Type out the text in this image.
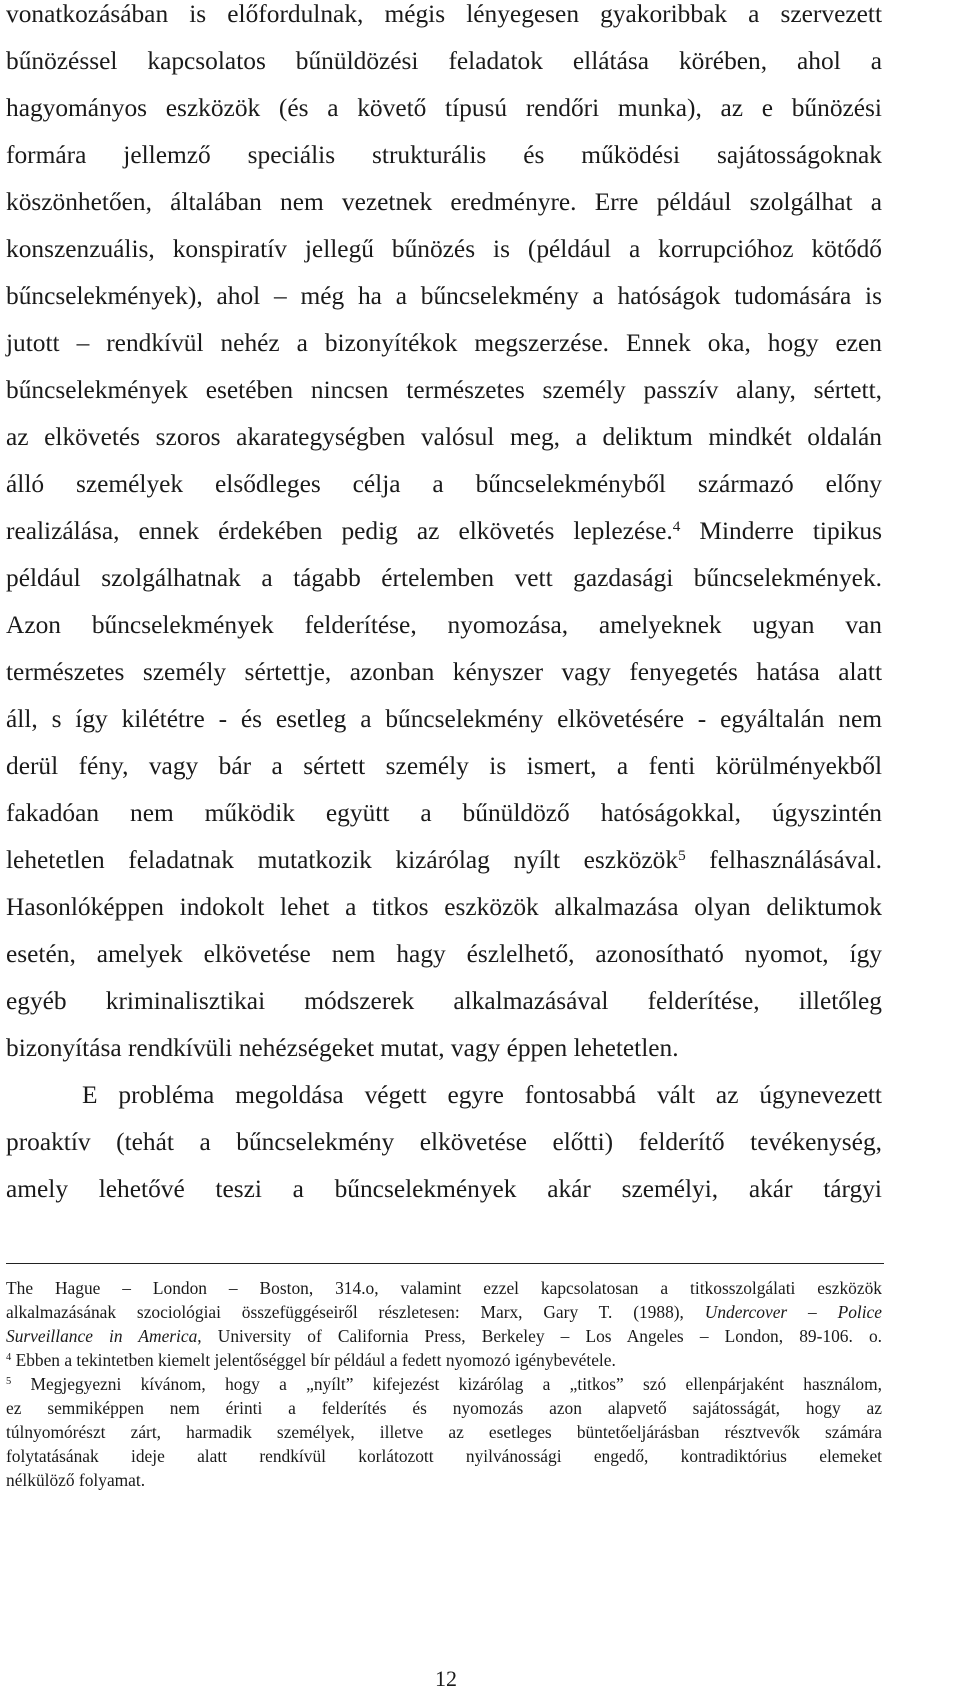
vonatkozásában is előfordulnak, mégis lényegesen gyakoribbak a szervezett
bűnözéssel kapcsolatos bűnüldözési feladatok ellátása körében, ahol a
hagyományos eszközök (és a követő típusú rendőri munka), az e bűnözési
formára jellemző speciális strukturális és működési sajátosságoknak
köszönhetően, általában nem vezetnek eredményre. Erre például szolgálhat a
konszenzuális, konspiratív jellegű bűnözés is (például a korrupcióhoz kötődő
bűncselekmények), ahol – még ha a bűncselekmény a hatóságok tudomására is
jutott – rendkívül nehéz a bizonyítékok megszerzése. Ennek oka, hogy ezen
bűncselekmények esetében nincsen természetes személy passzív alany, sértett,
az elkövetés szoros akarategységben valósul meg, a deliktum mindkét oldalán
álló személyek elsődleges célja a bűncselekményből származó előny
realizálása, ennek érdekében pedig az elkövetés leplezése.$^4$ Minderre tipikus
például szolgálhatnak a tágabb értelemben vett gazdasági bűncselekmények.
Azon bűncselekmények felderítése, nyomozása, amelyeknek ugyan van
természetes személy sértettje, azonban kényszer vagy fenyegetés hatása alatt
áll, s így kilététre - és esetleg a bűncselekmény elkövetésére - egyáltalán nem
derül fény, vagy bár a sértett személy is ismert, a fenti körülményekből
fakadóan nem működik együtt a bűnüldöző hatóságokkal, úgyszintén
lehetetlen feladatnak mutatkozik kizárólag nyílt eszközök$^5$ felhasználásával.
Hasonlóképpen indokolt lehet a titkos eszközök alkalmazása olyan deliktumok
esetén, amelyek elkövetése nem hagy észlelhető, azonosítható nyomot, így
egyéb kriminalisztikai módszerek alkalmazásával felderítése, illetőleg
bizonyítása rendkívüli nehézségeket mutat, vagy éppen lehetetlen.
E probléma megoldása végett egyre fontosabbá vált az úgynevezett
proaktív (tehát a bűncselekmény elkövetése előtti) felderítő tevékenység,
amely lehetővé teszi a bűncselekmények akár személyi, akár tárgyi
The Hague – London – Boston, 314.o, valamint ezzel kapcsolatosan a titkosszolgálati eszközök
alkalmazásának szociológiai összefüggéseiről részletesen: Marx, Gary T. (1988), Undercover – Police
Surveillance in America, University of California Press, Berkeley – Los Angeles – London, 89-106. o.
$^4$ Ebben a tekintetben kiemelt jelentőséggel bír például a fedett nyomozó igénybevétele.
$^5$ Megjegyezni kívánom, hogy a „nyílt” kifejezést kizárólag a „titkos” szó ellenpárjaként használom,
ez semmiképpen nem érinti a felderítés és nyomozás azon alapvető sajátosságát, hogy az
túlnyomórészt zárt, harmadik személyek, illetve az esetleges büntetőeljárásban résztvevők számára
folytatásának ideje alatt rendkívül korlátozott nyilvánossági engedő, kontradiktórius elemeket
nélkülöző folyamat.
12
